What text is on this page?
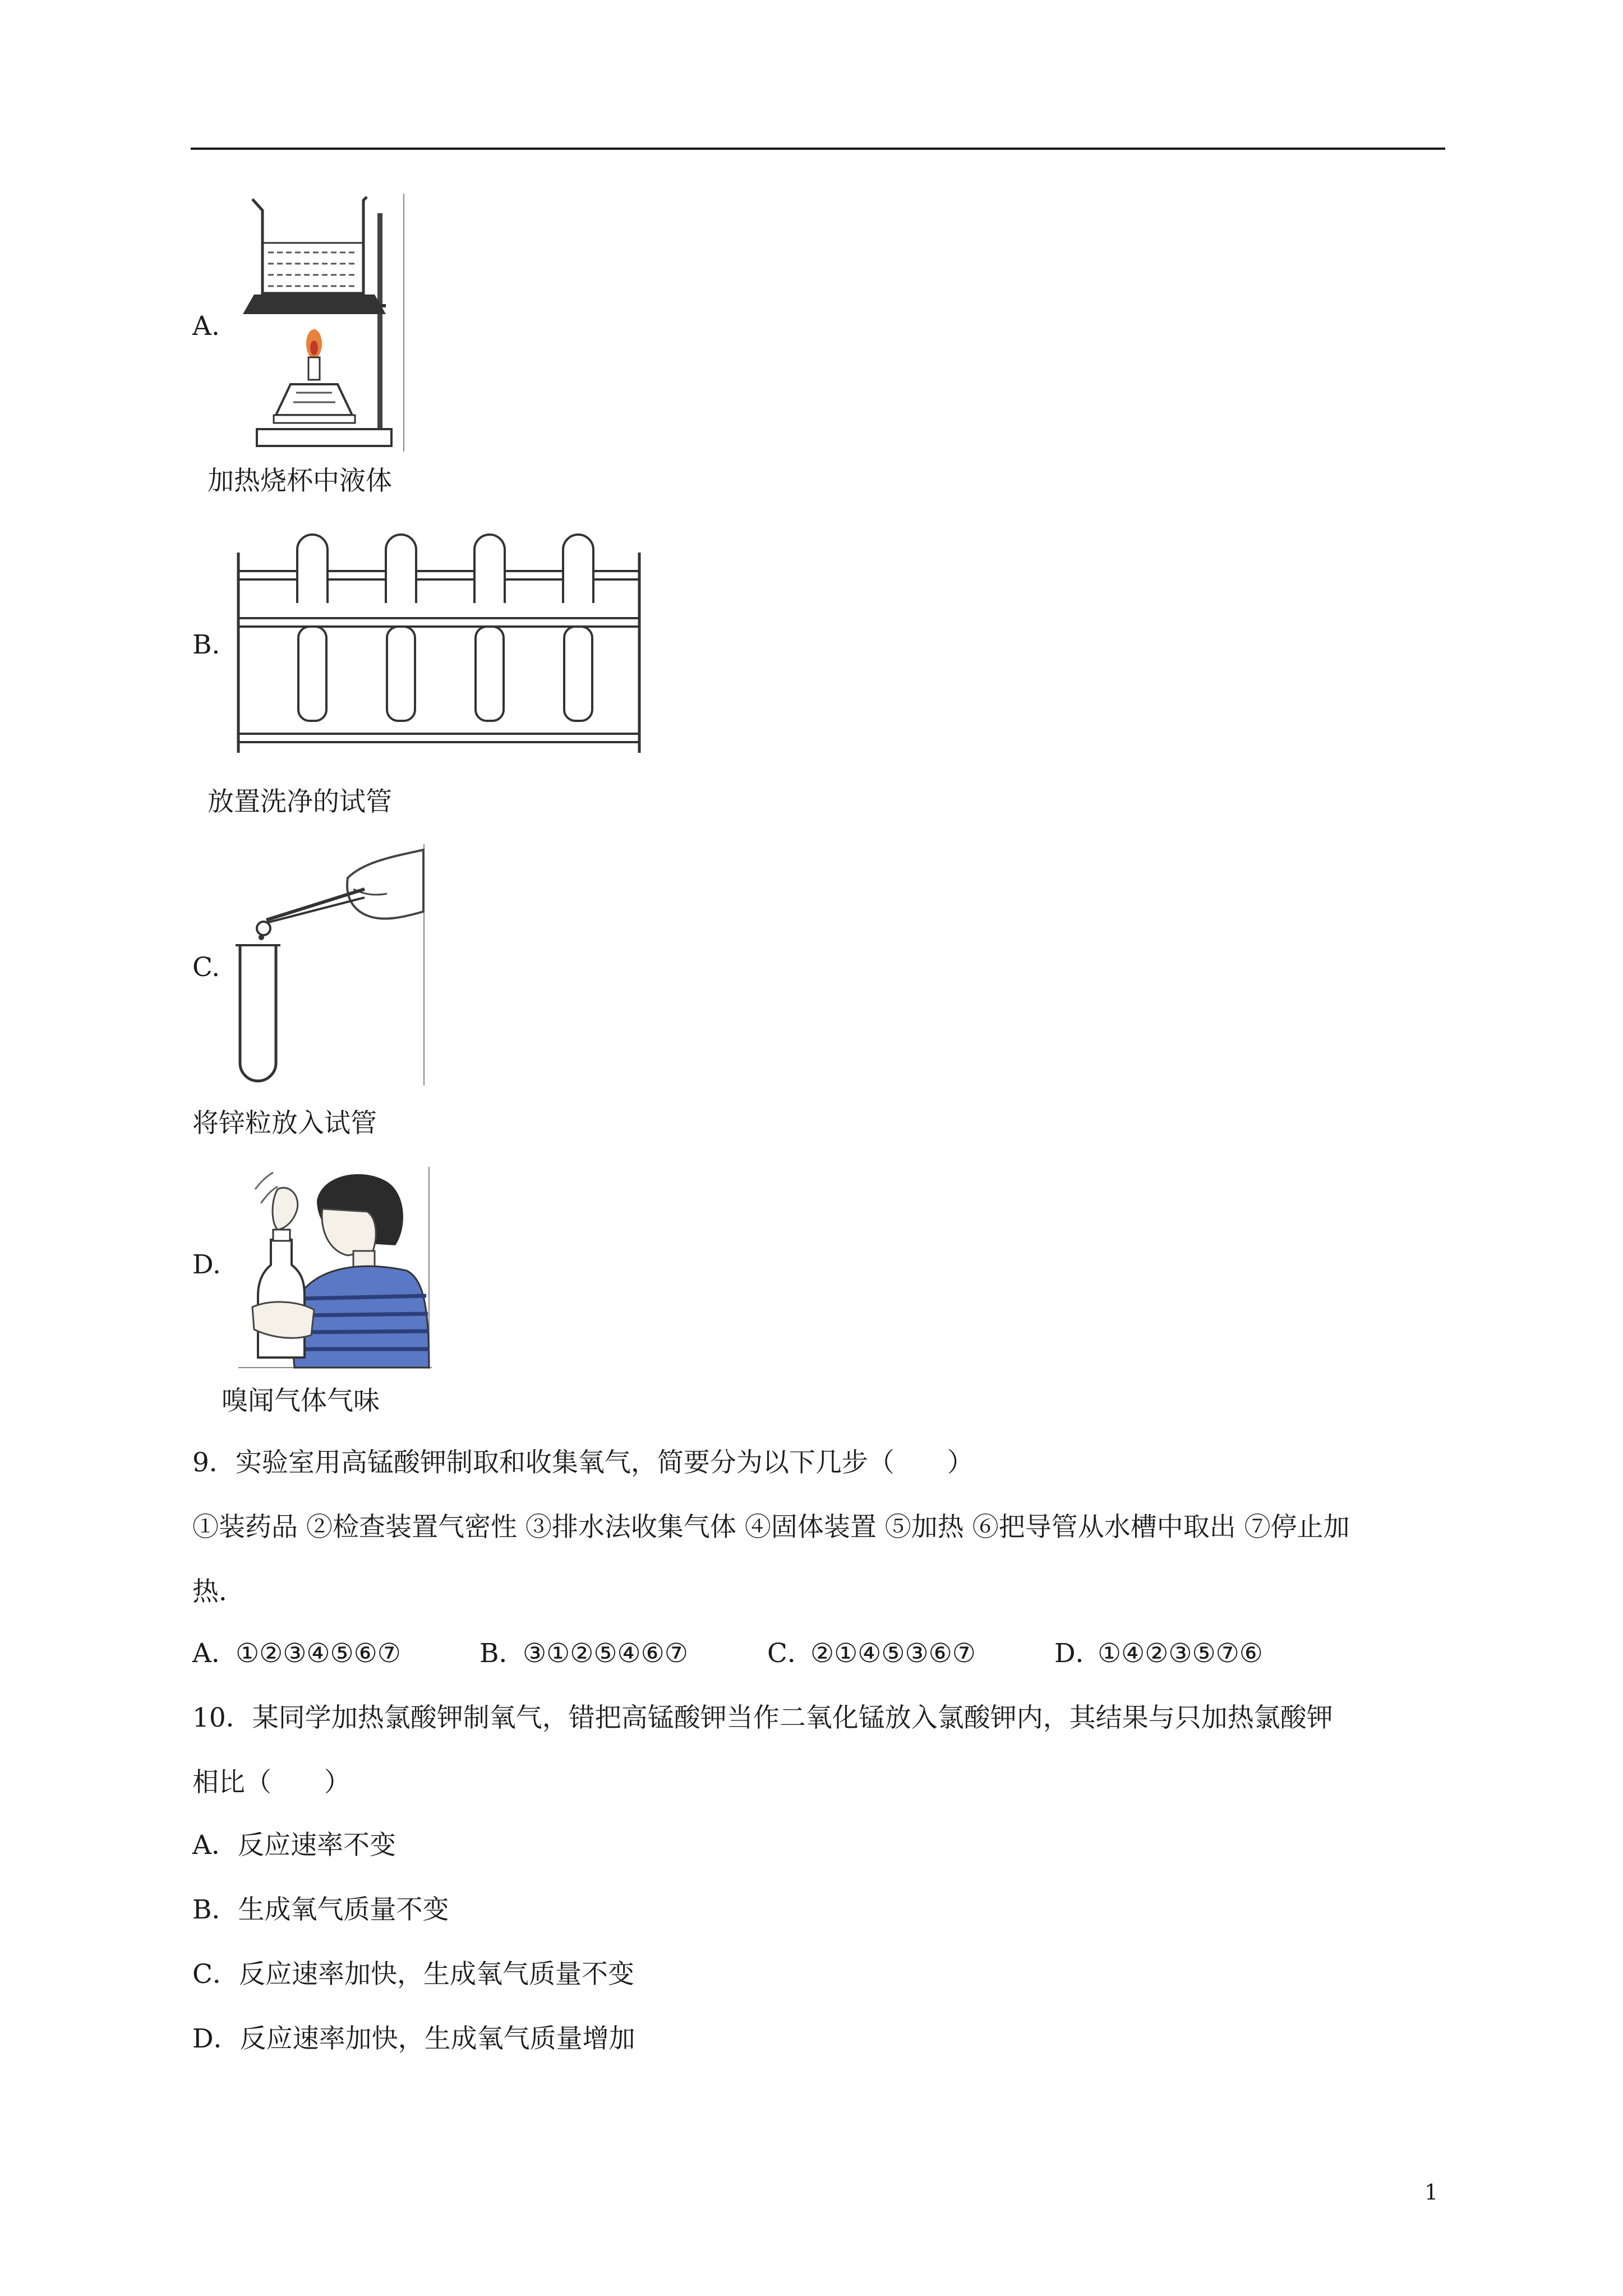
A.
加热烧杯中液体
B.
放置洗净的试管
C.
将锌粒放入试管
D.
嗅闻气体气味
9．实验室用高锰酸钾制取和收集氧气，简要分为以下几步（　　）
①装药品 ②检查装置气密性 ③排水法收集气体 ④固体装置 ⑤加热 ⑥把导管从水槽中取出 ⑦停止加
热．
A．
①②③④⑤⑥⑦	B．
③①②⑤④⑥⑦	C．
②①④⑤③⑥⑦	D．
①④②③⑤⑦⑥
10．某同学加热氯酸钾制氧气，错把高锰酸钾当作二氧化锰放入氯酸钾内，其结果与只加热氯酸钾
相比（　　）
A．反应速率不变
B．生成氧气质量不变
C．反应速率加快，生成氧气质量不变
D．反应速率加快，生成氧气质量增加
1
